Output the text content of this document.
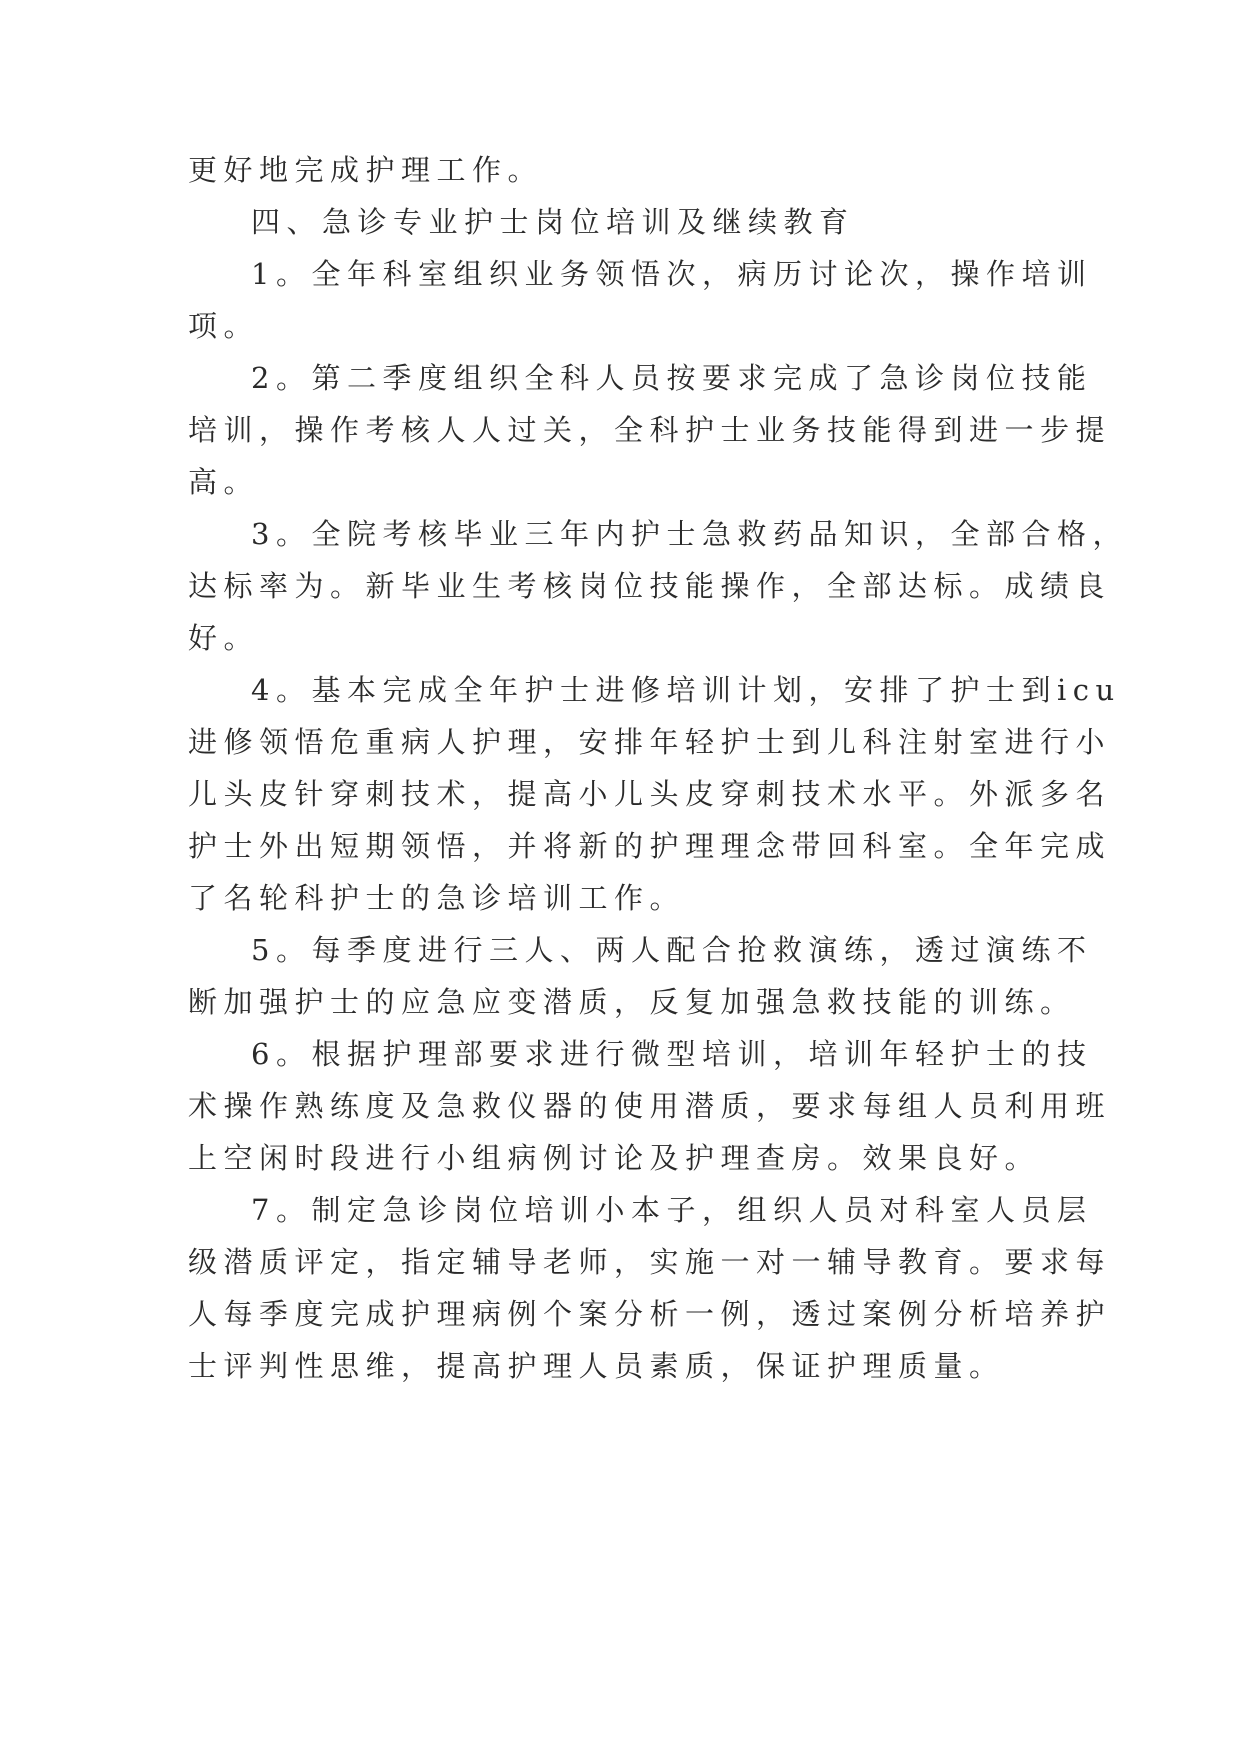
更好地完成护理工作。
四、急诊专业护士岗位培训及继续教育
1。全年科室组织业务领悟次，病历讨论次，操作培训
项。
2。第二季度组织全科人员按要求完成了急诊岗位技能
培训，操作考核人人过关，全科护士业务技能得到进一步提
高。
3。全院考核毕业三年内护士急救药品知识，全部合格，
达标率为。新毕业生考核岗位技能操作，全部达标。成绩良
好。
4。基本完成全年护士进修培训计划，安排了护士到icu
进修领悟危重病人护理，安排年轻护士到儿科注射室进行小
儿头皮针穿刺技术，提高小儿头皮穿刺技术水平。外派多名
护士外出短期领悟，并将新的护理理念带回科室。全年完成
了名轮科护士的急诊培训工作。
5。每季度进行三人、两人配合抢救演练，透过演练不
断加强护士的应急应变潜质，反复加强急救技能的训练。
6。根据护理部要求进行微型培训，培训年轻护士的技
术操作熟练度及急救仪器的使用潜质，要求每组人员利用班
上空闲时段进行小组病例讨论及护理查房。效果良好。
7。制定急诊岗位培训小本子，组织人员对科室人员层
级潜质评定，指定辅导老师，实施一对一辅导教育。要求每
人每季度完成护理病例个案分析一例，透过案例分析培养护
士评判性思维，提高护理人员素质，保证护理质量。
